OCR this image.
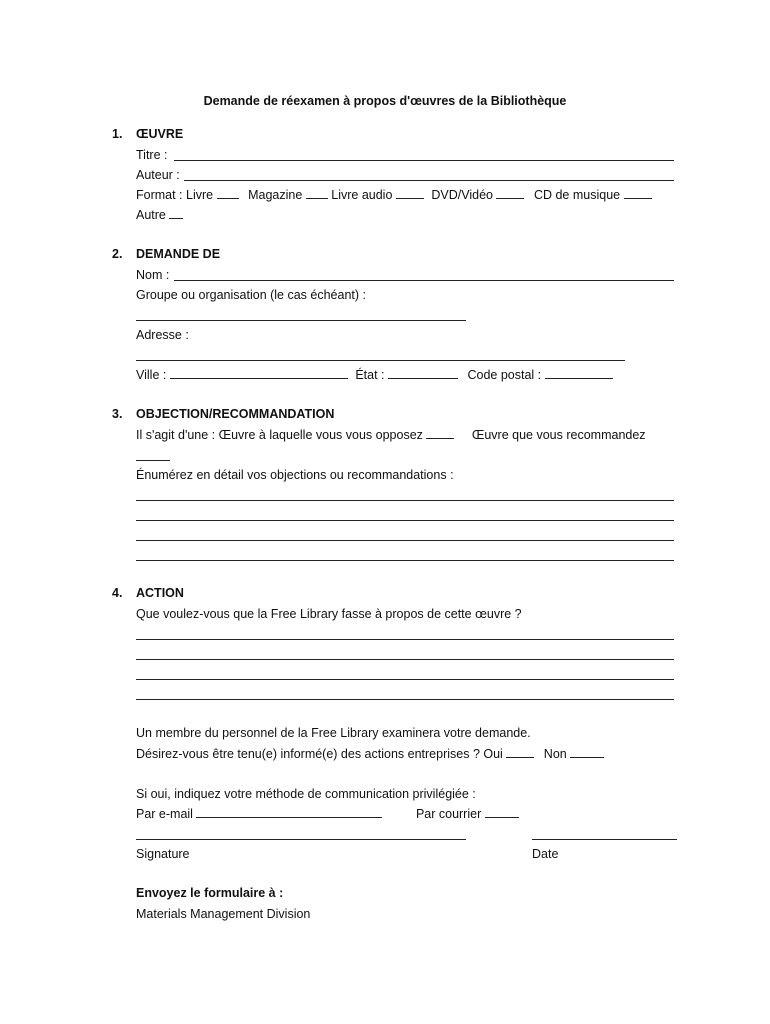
Demande de réexamen à propos d'œuvres de la Bibliothèque
1. ŒUVRE
Titre :
Auteur :
Format : Livre	Magazine Livre audio	DVD/Vidéo	CD de musique
Autre
2. DEMANDE DE
Nom :
Groupe ou organisation (le cas échéant) :
Adresse :
Ville :	État :	Code postal :
3. OBJECTION/RECOMMANDATION
Il s'agit d'une : Œuvre à laquelle vous vous opposez	Œuvre que vous recommandez
Énumérez en détail vos objections ou recommandations :
4. ACTION
Que voulez-vous que la Free Library fasse à propos de cette œuvre ?
Un membre du personnel de la Free Library examinera votre demande.
Désirez-vous être tenu(e) informé(e) des actions entreprises ? Oui	Non
Si oui, indiquez votre méthode de communication privilégiée :
Par e-mail	Par courrier
Signature	Date
Envoyez le formulaire à :
Materials Management Division
